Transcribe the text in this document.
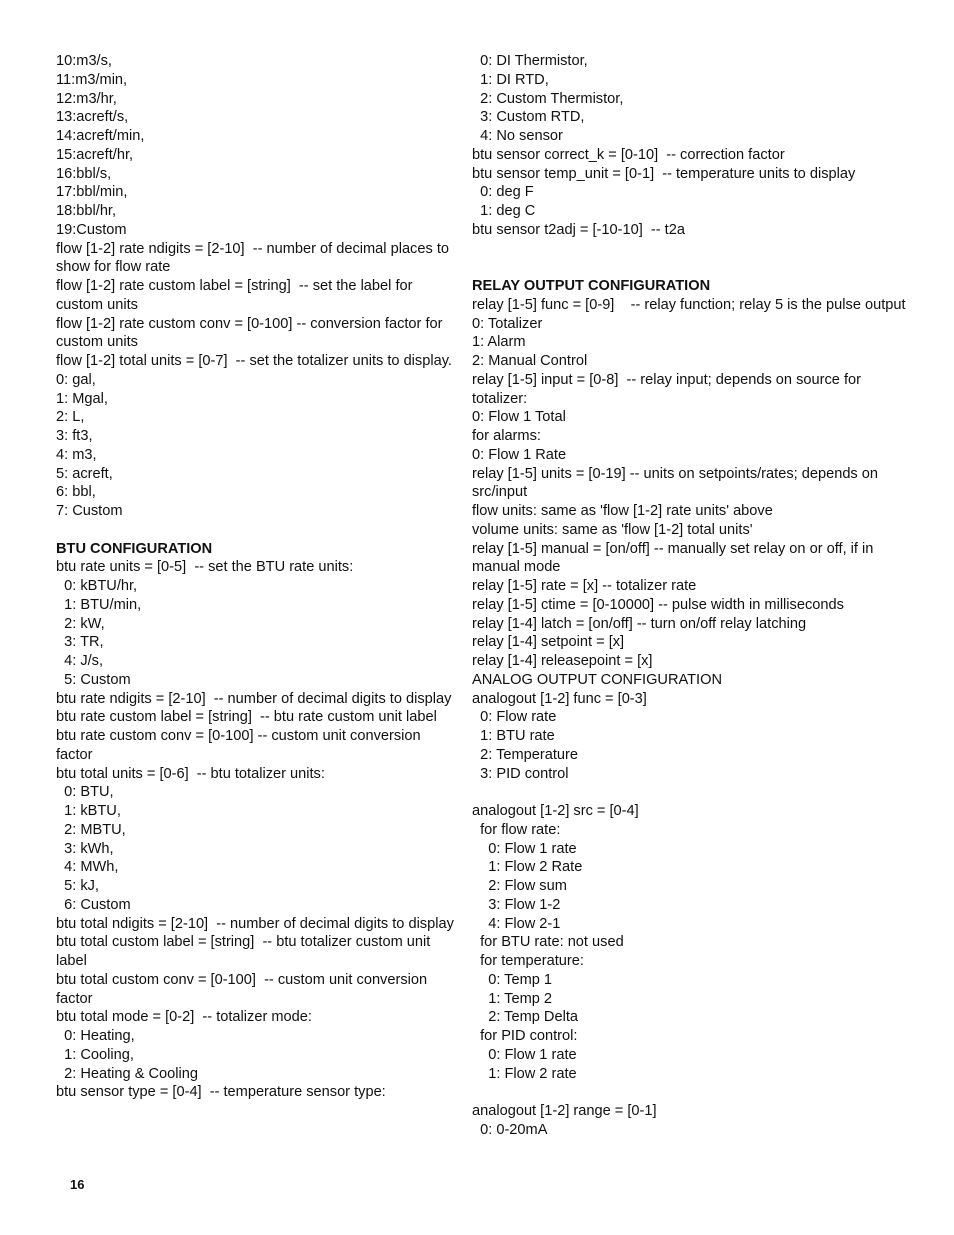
10:m3/s,
11:m3/min,
12:m3/hr,
13:acreft/s,
14:acreft/min,
15:acreft/hr,
16:bbl/s,
17:bbl/min,
18:bbl/hr,
19:Custom
flow [1-2] rate ndigits = [2-10]  -- number of decimal places to show for flow rate
flow [1-2] rate custom label = [string]  -- set the label for custom units
flow [1-2] rate custom conv = [0-100] -- conversion factor for custom units
flow [1-2] total units = [0-7]  -- set the totalizer units to display.
0: gal,
1: Mgal,
2: L,
3: ft3,
4: m3,
5: acreft,
6: bbl,
7: Custom
BTU CONFIGURATION
btu rate units = [0-5]  -- set the BTU rate units:
0: kBTU/hr,
1: BTU/min,
2: kW,
3: TR,
4: J/s,
5: Custom
btu rate ndigits = [2-10]  -- number of decimal digits to display
btu rate custom label = [string]  -- btu rate custom unit label
btu rate custom conv = [0-100] -- custom unit conversion factor
btu total units = [0-6]  -- btu totalizer units:
0: BTU,
1: kBTU,
2: MBTU,
3: kWh,
4: MWh,
5: kJ,
6: Custom
btu total ndigits = [2-10]  -- number of decimal digits to display
btu total custom label = [string]  -- btu totalizer custom unit label
btu total custom conv = [0-100]  -- custom unit conversion factor
btu total mode = [0-2]  -- totalizer mode:
0: Heating,
1: Cooling,
2: Heating & Cooling
btu sensor type = [0-4]  -- temperature sensor type:
0: DI Thermistor,
1: DI RTD,
2: Custom Thermistor,
3: Custom RTD,
4: No sensor
btu sensor correct_k = [0-10]  -- correction factor
btu sensor temp_unit = [0-1]  -- temperature units to display
0: deg F
1: deg C
btu sensor t2adj = [-10-10]  -- t2a
RELAY OUTPUT CONFIGURATION
relay [1-5] func = [0-9]    -- relay function; relay 5 is the pulse output
0: Totalizer
1: Alarm
2: Manual Control
relay [1-5] input = [0-8]  -- relay input; depends on source for totalizer:
0: Flow 1 Total
for alarms:
0: Flow 1 Rate
relay [1-5] units = [0-19] -- units on setpoints/rates; depends on src/input
flow units: same as 'flow [1-2] rate units' above
volume units: same as 'flow [1-2] total units'
relay [1-5] manual = [on/off] -- manually set relay on or off, if in manual mode
relay [1-5] rate = [x] -- totalizer rate
relay [1-5] ctime = [0-10000] -- pulse width in milliseconds
relay [1-4] latch = [on/off] -- turn on/off relay latching
relay [1-4] setpoint = [x]
relay [1-4] releasepoint = [x]
ANALOG OUTPUT CONFIGURATION
analogout [1-2] func = [0-3]
0: Flow rate
1: BTU rate
2: Temperature
3: PID control
analogout [1-2] src = [0-4]
for flow rate:
0: Flow 1 rate
1: Flow 2 Rate
2: Flow sum
3: Flow 1-2
4: Flow 2-1
for BTU rate: not used
for temperature:
0: Temp 1
1: Temp 2
2: Temp Delta
for PID control:
0: Flow 1 rate
1: Flow 2 rate
analogout [1-2] range = [0-1]
0: 0-20mA
16
